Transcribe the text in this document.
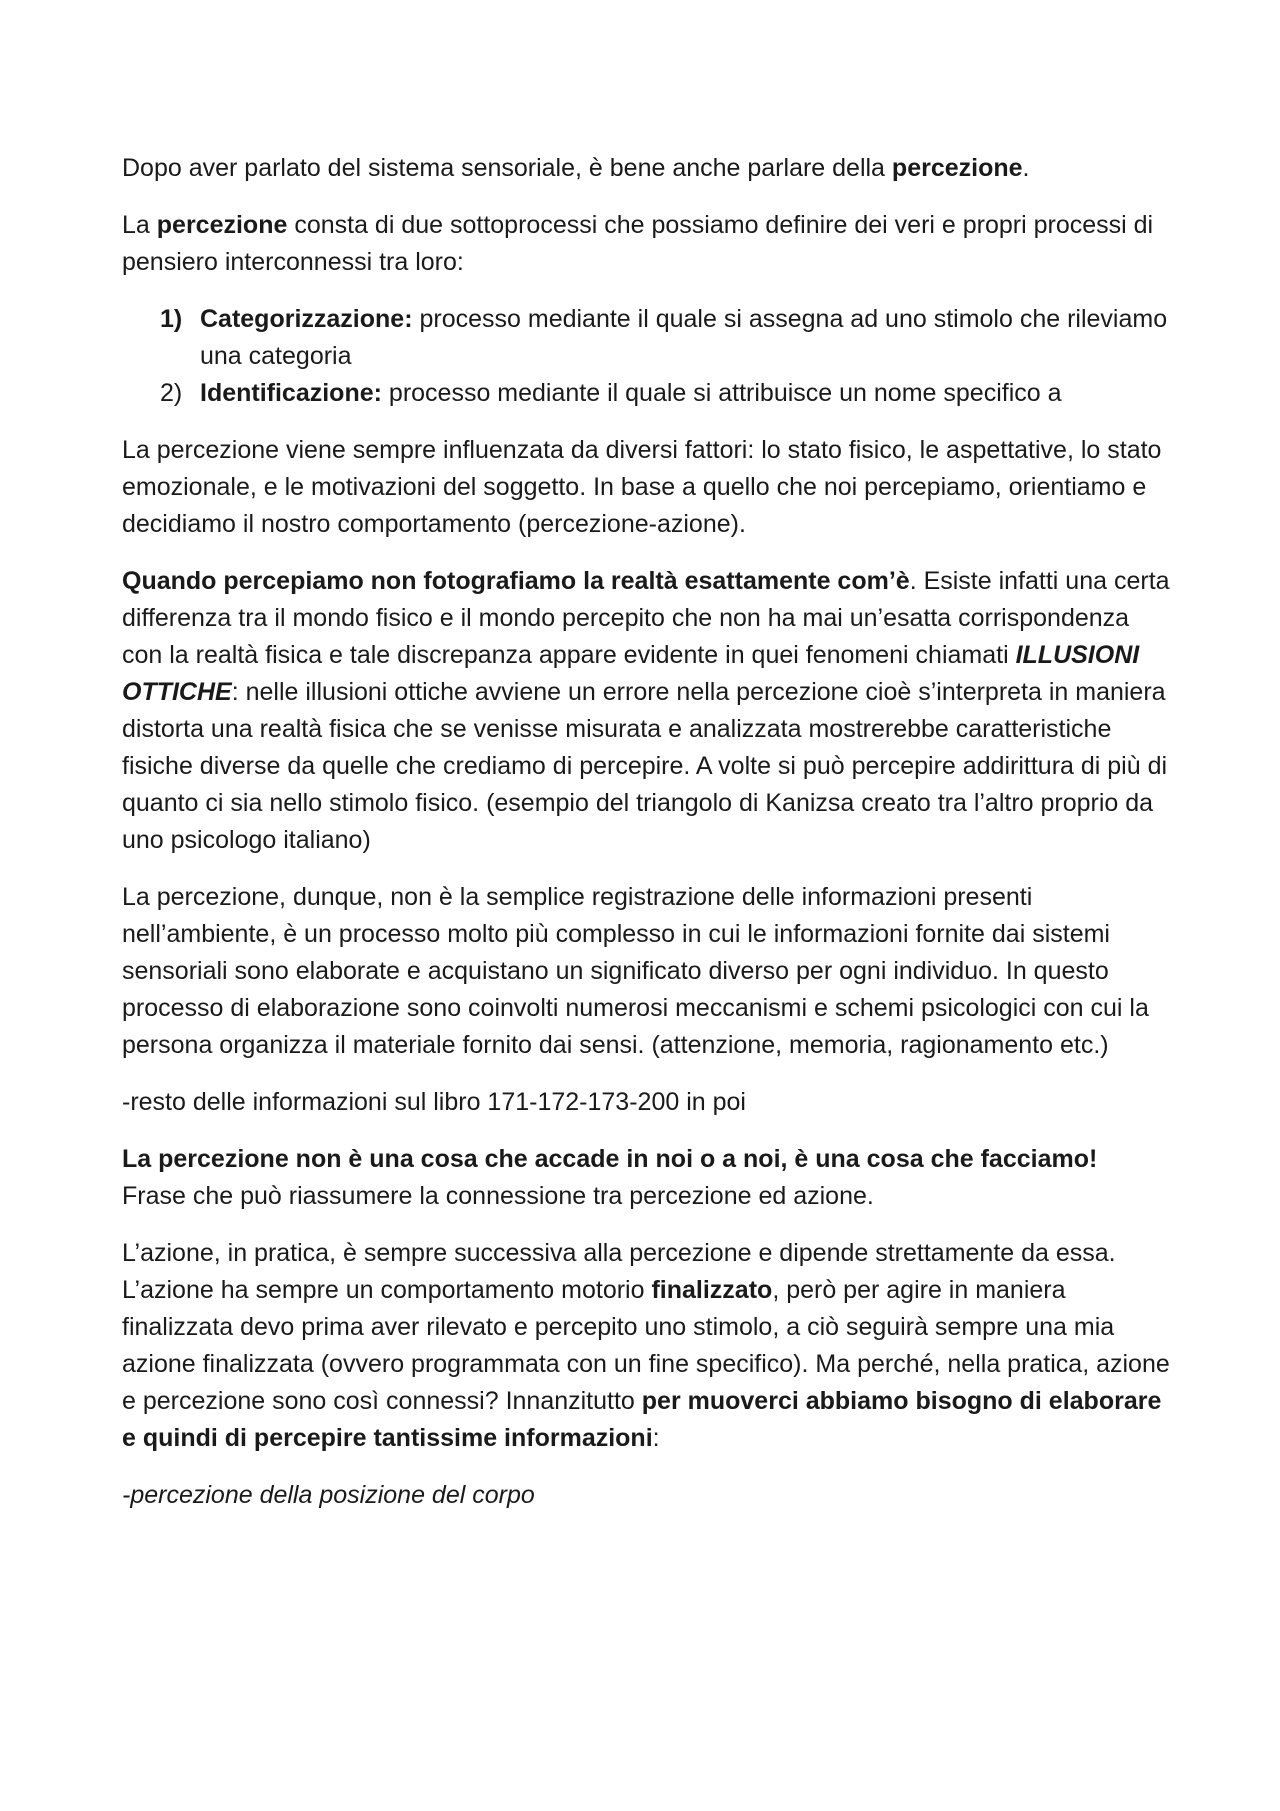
Dopo aver parlato del sistema sensoriale, è bene anche parlare della percezione.

La percezione consta di due sottoprocessi che possiamo definire dei veri e propri processi di pensiero interconnessi tra loro:

1) Categorizzazione: processo mediante il quale si assegna ad uno stimolo che rileviamo una categoria
2) Identificazione: processo mediante il quale si attribuisce un nome specifico a

La percezione viene sempre influenzata da diversi fattori: lo stato fisico, le aspettative, lo stato emozionale, e le motivazioni del soggetto. In base a quello che noi percepiamo, orientiamo e decidiamo il nostro comportamento (percezione-azione).

Quando percepiamo non fotografiamo la realtà esattamente com’è. Esiste infatti una certa differenza tra il mondo fisico e il mondo percepito che non ha mai un’esatta corrispondenza con la realtà fisica e tale discrepanza appare evidente in quei fenomeni chiamati ILLUSIONI OTTICHE: nelle illusioni ottiche avviene un errore nella percezione cioè s’interpreta in maniera distorta una realtà fisica che se venisse misurata e analizzata mostrerebbe caratteristiche fisiche diverse da quelle che crediamo di percepire. A volte si può percepire addirittura di più di quanto ci sia nello stimolo fisico. (esempio del triangolo di Kanizsa creato tra l’altro proprio da uno psicologo italiano)

La percezione, dunque, non è la semplice registrazione delle informazioni presenti nell’ambiente, è un processo molto più complesso in cui le informazioni fornite dai sistemi sensoriali sono elaborate e acquistano un significato diverso per ogni individuo. In questo processo di elaborazione sono coinvolti numerosi meccanismi e schemi psicologici con cui la persona organizza il materiale fornito dai sensi. (attenzione, memoria, ragionamento etc.)

-resto delle informazioni sul libro 171-172-173-200 in poi

La percezione non è una cosa che accade in noi o a noi, è una cosa che facciamo!
Frase che può riassumere la connessione tra percezione ed azione.

L’azione, in pratica, è sempre successiva alla percezione e dipende strettamente da essa. L’azione ha sempre un comportamento motorio finalizzato, però per agire in maniera finalizzata devo prima aver rilevato e percepito uno stimolo, a ciò seguirà sempre una mia azione finalizzata (ovvero programmata con un fine specifico). Ma perché, nella pratica, azione e percezione sono così connessi? Innanzitutto per muoverci abbiamo bisogno di elaborare e quindi di percepire tantissime informazioni:

-percezione della posizione del corpo
